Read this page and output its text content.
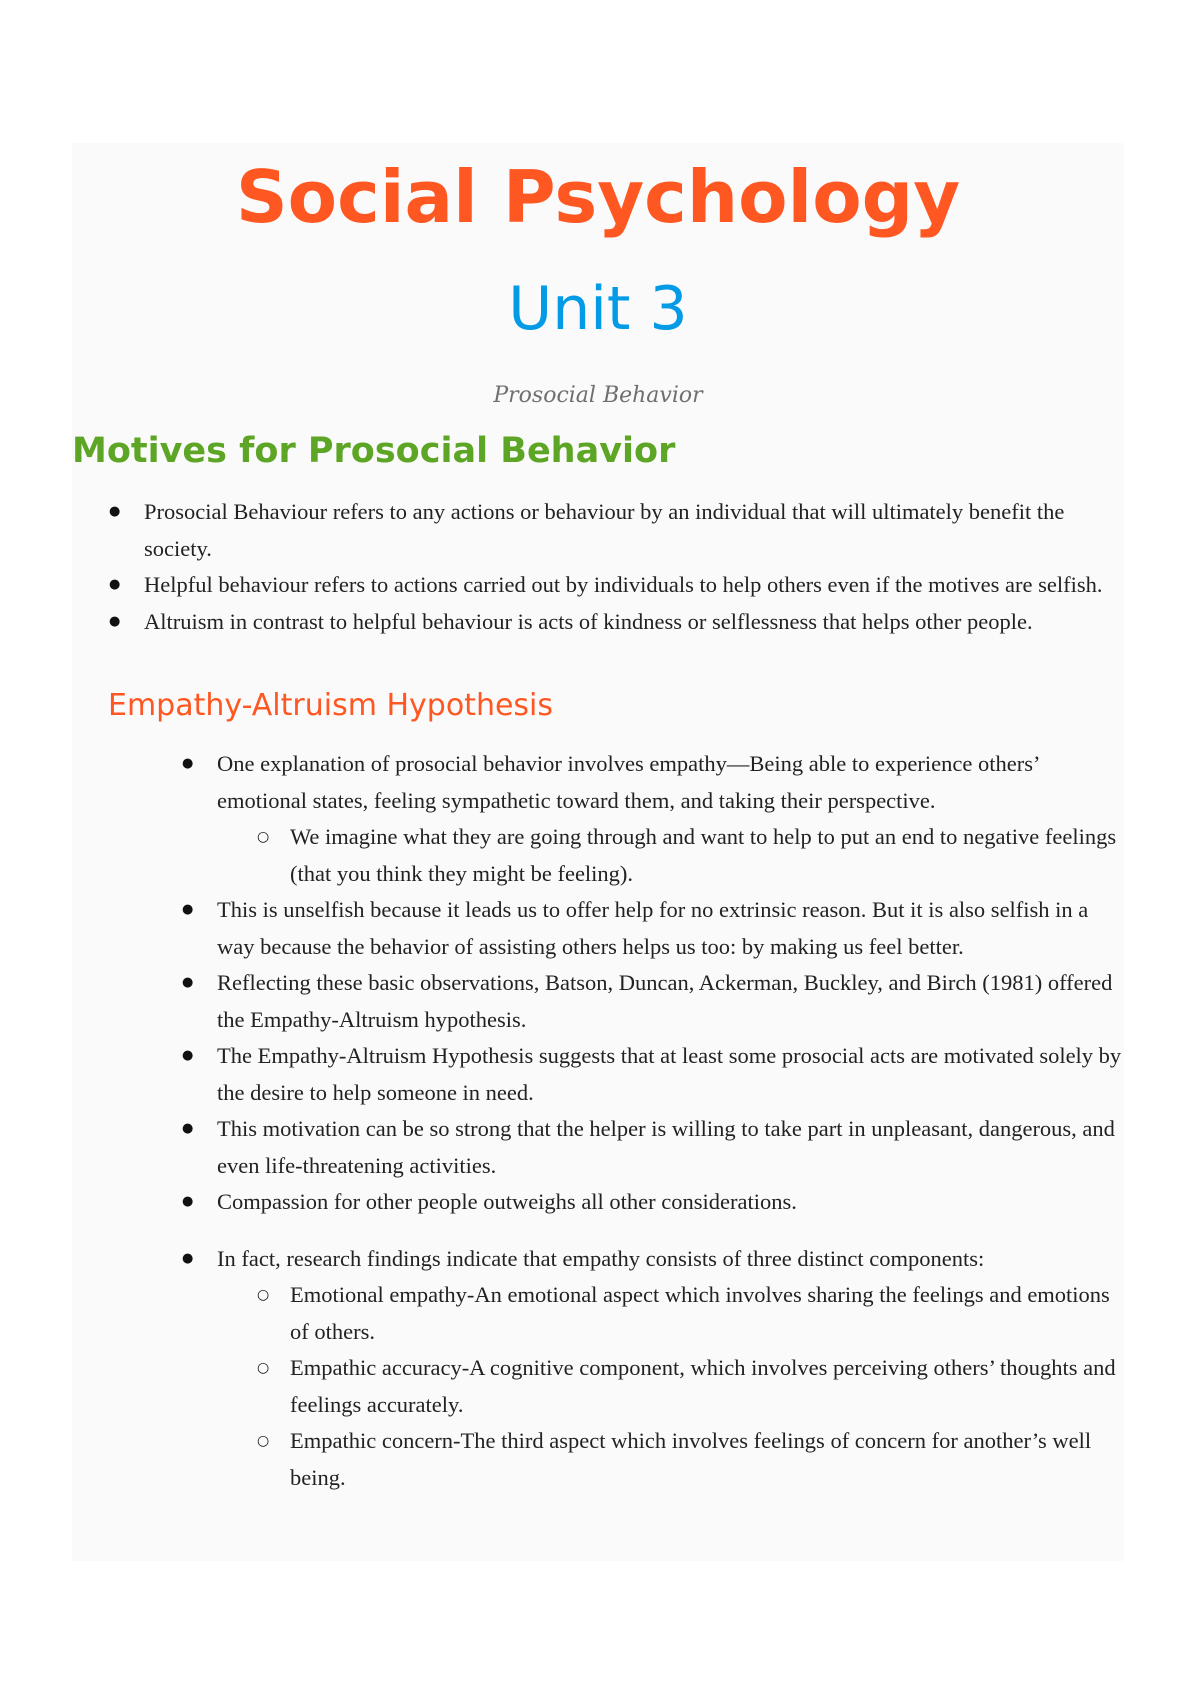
Social Psychology
Unit 3

Prosocial Behavior

Motives for Prosocial Behavior
● Prosocial Behaviour refers to any actions or behaviour by an individual that will ultimately benefit the society.
● Helpful behaviour refers to actions carried out by individuals to help others even if the motives are selfish.
● Altruism in contrast to helpful behaviour is acts of kindness or selflessness that helps other people.
Empathy-Altruism Hypothesis
● One explanation of prosocial behavior involves empathy—Being able to experience others’ emotional states, feeling sympathetic toward them, and taking their perspective.
○ We imagine what they are going through and want to help to put an end to negative feelings (that you think they might be feeling).
● This is unselfish because it leads us to offer help for no extrinsic reason. But it is also selfish in a way because the behavior of assisting others helps us too: by making us feel better.
● Reflecting these basic observations, Batson, Duncan, Ackerman, Buckley, and Birch (1981) offered the Empathy-Altruism hypothesis.
● The Empathy-Altruism Hypothesis suggests that at least some prosocial acts are motivated solely by the desire to help someone in need.
● This motivation can be so strong that the helper is willing to take part in unpleasant, dangerous, and even life-threatening activities.
● Compassion for other people outweighs all other considerations.
● In fact, research findings indicate that empathy consists of three distinct components:
○ Emotional empathy-An emotional aspect which involves sharing the feelings and emotions of others.
○ Empathic accuracy-A cognitive component, which involves perceiving others’ thoughts and feelings accurately.
○ Empathic concern-The third aspect which involves feelings of concern for another’s well being.
